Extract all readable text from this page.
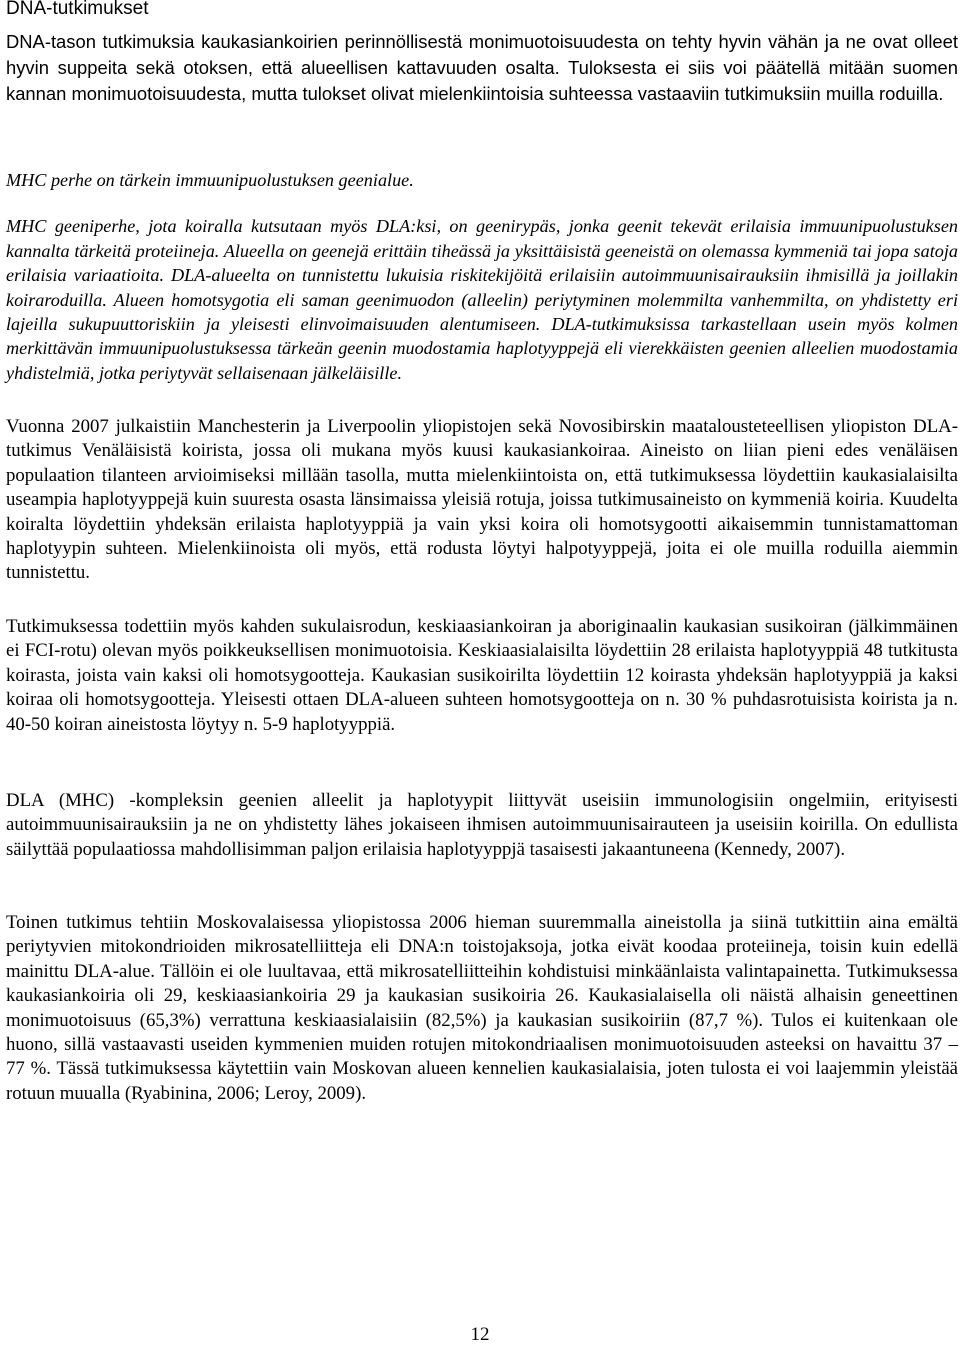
DNA-tutkimukset

DNA-tason tutkimuksia kaukasiankoirien perinnöllisestä monimuotoisuudesta on tehty hyvin vähän ja ne ovat olleet hyvin suppeita sekä otoksen, että alueellisen kattavuuden osalta. Tuloksesta ei siis voi päätellä mitään suomen kannan monimuotoisuudesta, mutta tulokset olivat mielenkiintoisia suhteessa vastaaviin tutkimuksiin muilla roduilla.

MHC perhe on tärkein immuunipuolustuksen geenialue.
MHC geeniperhe, jota koiralla kutsutaan myös DLA:ksi, on geenirypäs, jonka geenit tekevät erilaisia immuunipuolustuksen kannalta tärkeitä proteiineja. Alueella on geenejä erittäin tiheässä ja yksittäisistä geeneistä on olemassa kymmeniä tai jopa satoja erilaisia variaatioita. DLA-alueelta on tunnistettu lukuisia riskitekijöitä erilaisiin autoimmuunisairauksiin ihmisillä ja joillakin koiraroduilla. Alueen homotsygotia eli saman geenimuodon (alleelin) periytyminen molemmilta vanhemmilta, on yhdistetty eri lajeilla sukupuuttoriskiin ja yleisesti elinvoimaisuuden alentumiseen. DLA-tutkimuksissa tarkastellaan usein myös kolmen merkittävän immuunipuolustuksessa tärkeän geenin muodostamia haplotyyppejä eli vierekkäisten geenien alleelien muodostamia yhdistelmiä, jotka periytyvät sellaisenaan jälkeläisille.

Vuonna 2007 julkaistiin Manchesterin ja Liverpoolin yliopistojen sekä Novosibirskin maatalousteteellisen yliopiston DLA-tutkimus Venäläisistä koirista, jossa oli mukana myös kuusi kaukasiankoiraa. Aineisto on liian pieni edes venäläisen populaation tilanteen arvioimiseksi millään tasolla, mutta mielenkiintoista on, että tutkimuksessa löydettiin kaukasialaisilta useampia haplotyyppejä kuin suuresta osasta länsimaissa yleisiä rotuja, joissa tutkimusaineisto on kymmeniä koiria. Kuudelta koiralta löydettiin yhdeksän erilaista haplotyyppiä ja vain yksi koira oli homotsygootti aikaisemmin tunnistamattoman haplotyypin suhteen. Mielenkiinoista oli myös, että rodusta löytyi halpotyyppejä, joita ei ole muilla roduilla aiemmin tunnistettu.

Tutkimuksessa todettiin myös kahden sukulaisrodun, keskiaasiankoiran ja aboriginaalin kaukasian susikoiran (jälkimmäinen ei FCI-rotu) olevan myös poikkeuksellisen monimuotoisia. Keskiaasialaisilta löydettiin 28 erilaista haplotyyppiä 48 tutkitusta koirasta, joista vain kaksi oli homotsygootteja. Kaukasian susikoirilta löydettiin 12 koirasta yhdeksän haplotyyppiä ja kaksi koiraa oli homotsygootteja. Yleisesti ottaen DLA-alueen suhteen homotsygootteja on n. 30 % puhdasrotuisista koirista ja n. 40-50 koiran aineistosta löytyy n. 5-9 haplotyyppiä.

DLA (MHC) -kompleksin geenien alleelit ja haplotyypit liittyvät useisiin immunologisiin ongelmiin, erityisesti autoimmuunisairauksiin ja ne on yhdistetty lähes jokaiseen ihmisen autoimmuunisairauteen ja useisiin koirilla. On edullista säilyttää populaatiossa mahdollisimman paljon erilaisia haplotyyppjä tasaisesti jakaantuneena (Kennedy, 2007).

Toinen tutkimus tehtiin Moskovalaisessa yliopistossa 2006 hieman suuremmalla aineistolla ja siinä tutkittiin aina emältä periytyvien mitokondrioiden mikrosatelliitteja eli DNA:n toistojaksoja, jotka eivät koodaa proteiineja, toisin kuin edellä mainittu DLA-alue. Tällöin ei ole luultavaa, että mikrosatelliitteihin kohdistuisi minkäänlaista valintapainetta. Tutkimuksessa kaukasiankoiria oli 29, keskiaasiankoiria 29 ja kaukasian susikoiria 26. Kaukasialaisella oli näistä alhaisin geneettinen monimuotoisuus (65,3%) verrattuna keskiaasialaisiin (82,5%) ja kaukasian susikoiriin (87,7 %). Tulos ei kuitenkaan ole huono, sillä vastaavasti useiden kymmenien muiden rotujen mitokondriaalisen monimuotoisuuden asteeksi on havaittu 37 – 77 %. Tässä tutkimuksessa käytettiin vain Moskovan alueen kennelien kaukasialaisia, joten tulosta ei voi laajemmin yleistää rotuun muualla (Ryabinina, 2006; Leroy, 2009).

12
